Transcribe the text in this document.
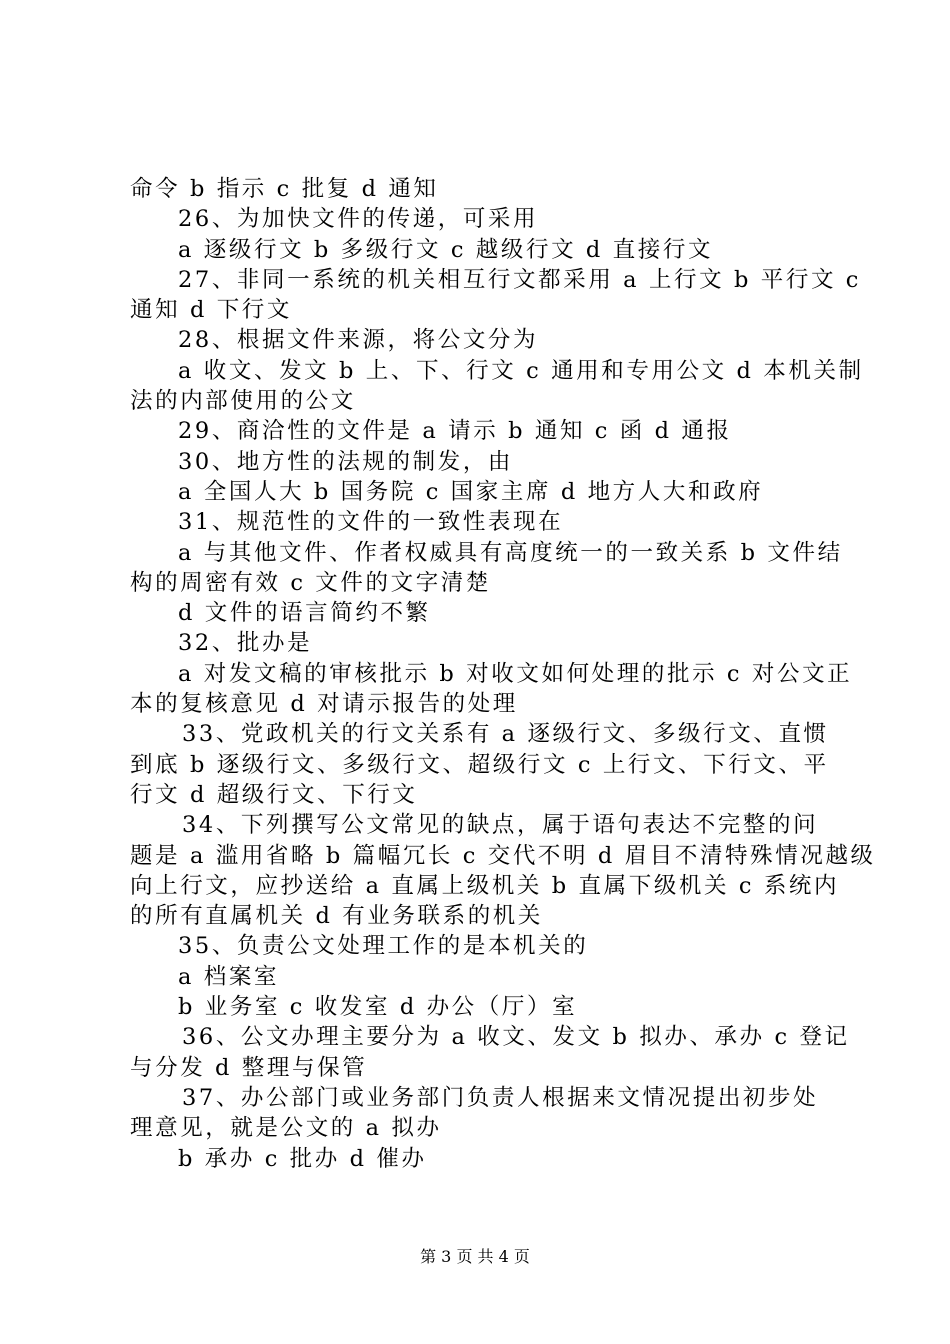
命令 b 指示 c 批复 d 通知
26、为加快文件的传递，可采用
a 逐级行文 b 多级行文 c 越级行文 d 直接行文
27、非同一系统的机关相互行文都采用 a 上行文 b 平行文 c
通知 d 下行文
28、根据文件来源，将公文分为
a 收文、发文 b 上、下、行文 c 通用和专用公文 d 本机关制
法的内部使用的公文
29、商洽性的文件是 a 请示 b 通知 c 函 d 通报
30、地方性的法规的制发，由
a 全国人大 b 国务院 c 国家主席 d 地方人大和政府
31、规范性的文件的一致性表现在
a 与其他文件、作者权威具有高度统一的一致关系 b 文件结
构的周密有效 c 文件的文字清楚
d 文件的语言简约不繁
32、批办是
a 对发文稿的审核批示 b 对收文如何处理的批示 c 对公文正
本的复核意见 d 对请示报告的处理
33、党政机关的行文关系有 a 逐级行文、多级行文、直惯
到底 b 逐级行文、多级行文、超级行文 c 上行文、下行文、平
行文 d 超级行文、下行文
34、下列撰写公文常见的缺点，属于语句表达不完整的问
题是 a 滥用省略 b 篇幅冗长 c 交代不明 d 眉目不清特殊情况越级
向上行文，应抄送给 a 直属上级机关 b 直属下级机关 c 系统内
的所有直属机关 d 有业务联系的机关
35、负责公文处理工作的是本机关的
a 档案室
b 业务室 c 收发室 d 办公（厅）室
36、公文办理主要分为 a 收文、发文 b 拟办、承办 c 登记
与分发 d 整理与保管
37、办公部门或业务部门负责人根据来文情况提出初步处
理意见，就是公文的 a 拟办
b 承办 c 批办 d 催办
第 3 页 共 4 页
